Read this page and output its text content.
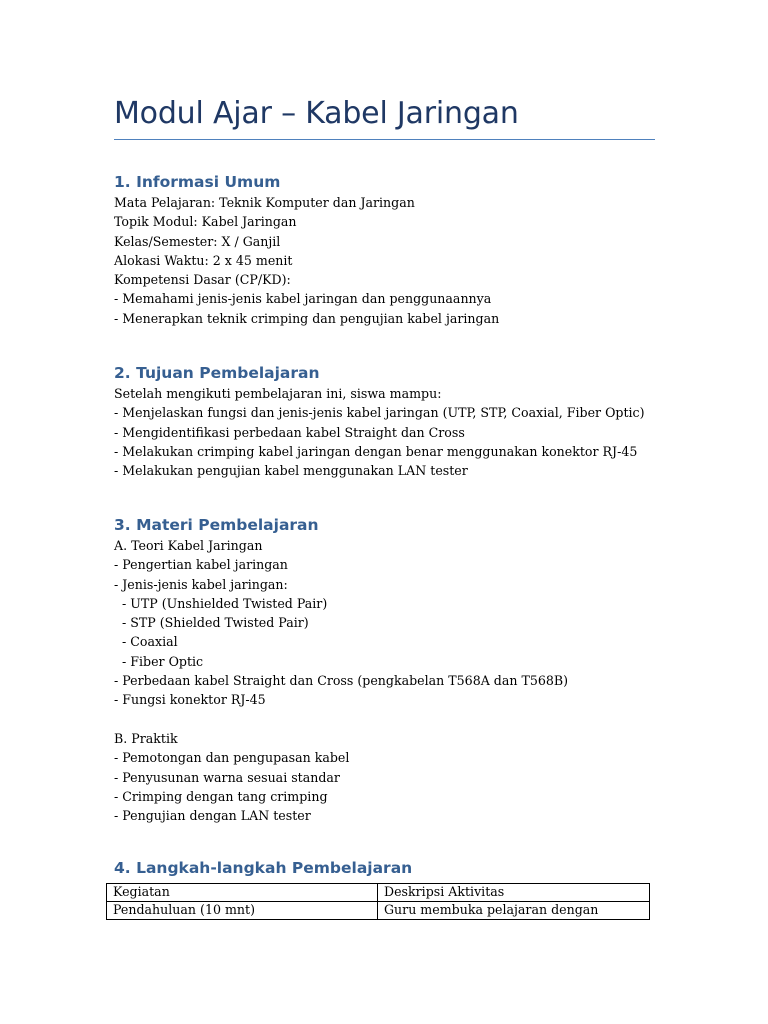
Modul Ajar – Kabel Jaringan
1. Informasi Umum
Mata Pelajaran: Teknik Komputer dan Jaringan
Topik Modul: Kabel Jaringan
Kelas/Semester: X / Ganjil
Alokasi Waktu: 2 x 45 menit
Kompetensi Dasar (CP/KD):
- Memahami jenis-jenis kabel jaringan dan penggunaannya
- Menerapkan teknik crimping dan pengujian kabel jaringan
2. Tujuan Pembelajaran
Setelah mengikuti pembelajaran ini, siswa mampu:
- Menjelaskan fungsi dan jenis-jenis kabel jaringan (UTP, STP, Coaxial, Fiber Optic)
- Mengidentifikasi perbedaan kabel Straight dan Cross
- Melakukan crimping kabel jaringan dengan benar menggunakan konektor RJ-45
- Melakukan pengujian kabel menggunakan LAN tester
3. Materi Pembelajaran
A. Teori Kabel Jaringan
- Pengertian kabel jaringan
- Jenis-jenis kabel jaringan:
- UTP (Unshielded Twisted Pair)
- STP (Shielded Twisted Pair)
- Coaxial
- Fiber Optic
- Perbedaan kabel Straight dan Cross (pengkabelan T568A dan T568B)
- Fungsi konektor RJ-45
B. Praktik
- Pemotongan dan pengupasan kabel
- Penyusunan warna sesuai standar
- Crimping dengan tang crimping
- Pengujian dengan LAN tester
4. Langkah-langkah Pembelajaran
Kegiatan	Deskripsi Aktivitas
Pendahuluan (10 mnt)	Guru membuka pelajaran dengan
